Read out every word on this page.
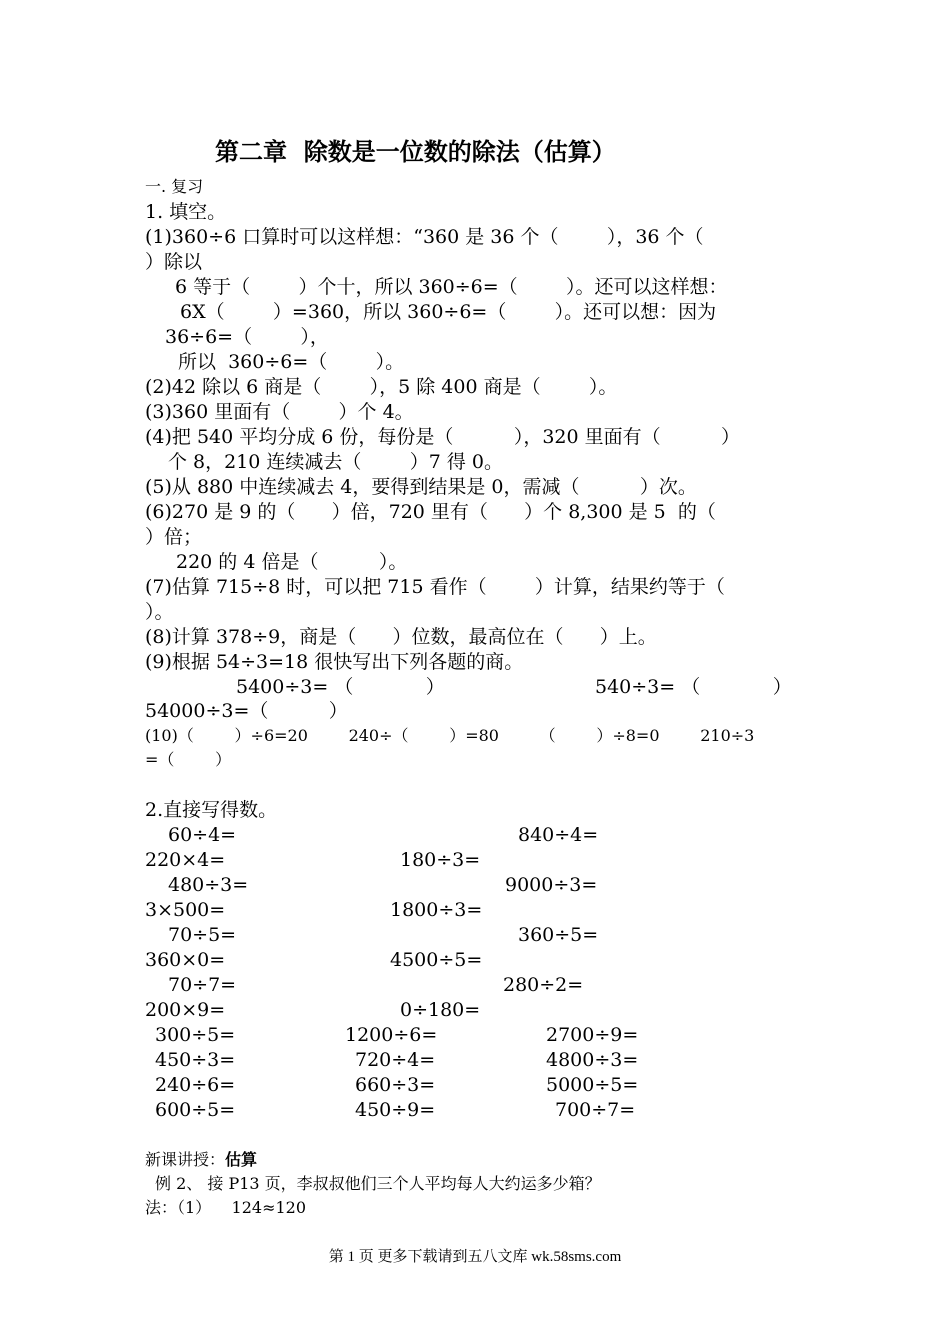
第二章  除数是一位数的除法（估算）
一. 复习
1. 填空。
(1)360÷6 口算时可以这样想：“360 是 36 个（        ），36 个（
）除以
6 等于（        ）个十，所以 360÷6=（        ）。还可以这样想：
6X（        ）=360，所以 360÷6=（        ）。还可以想：因为
36÷6=（        ），
所以  360÷6=（        ）。
(2)42 除以 6 商是（        ），5 除 400 商是（        ）。
(3)360 里面有（        ）个 4。
(4)把 540 平均分成 6 份，每份是（          ），320 里面有（          ）
个 8，210 连续减去（        ）7 得 0。
(5)从 880 中连续减去 4，要得到结果是 0，需减（          ）次。
(6)270 是 9 的（      ）倍，720 里有（      ）个 8,300 是 5  的（
）倍；
220 的 4 倍是（          ）。
(7)估算 715÷8 时，可以把 715 看作（        ）计算，结果约等于（
）。
(8)计算 378÷9，商是（      ）位数，最高位在（      ）上。
(9)根据 54÷3=18 很快写出下列各题的商。
5400÷3= （            ）	540÷3= （            ）
54000÷3=（          ）
(10)（        ）÷6=20        240÷（        ）=80        （        ）÷8=0        210÷3
=（        ）
2.直接写得数。
60÷4=	840÷4=
220×4=	180÷3=
480÷3=	9000÷3=
3×500=	1800÷3=
70÷5=	360÷5=
360×0=	4500÷5=
70÷7=	280÷2=
200×9=	0÷180=
300÷5=	1200÷6=	2700÷9=
450÷3=	720÷4=	4800÷3=
240÷6=	660÷3=	5000÷5=
600÷5=	450÷9=	700÷7=
新课讲授：估算
例 2、 接 P13 页，李叔叔他们三个人平均每人大约运多少箱？
法：（1）    124≈120
第 1 页 更多下载请到五八文库 wk.58sms.com
